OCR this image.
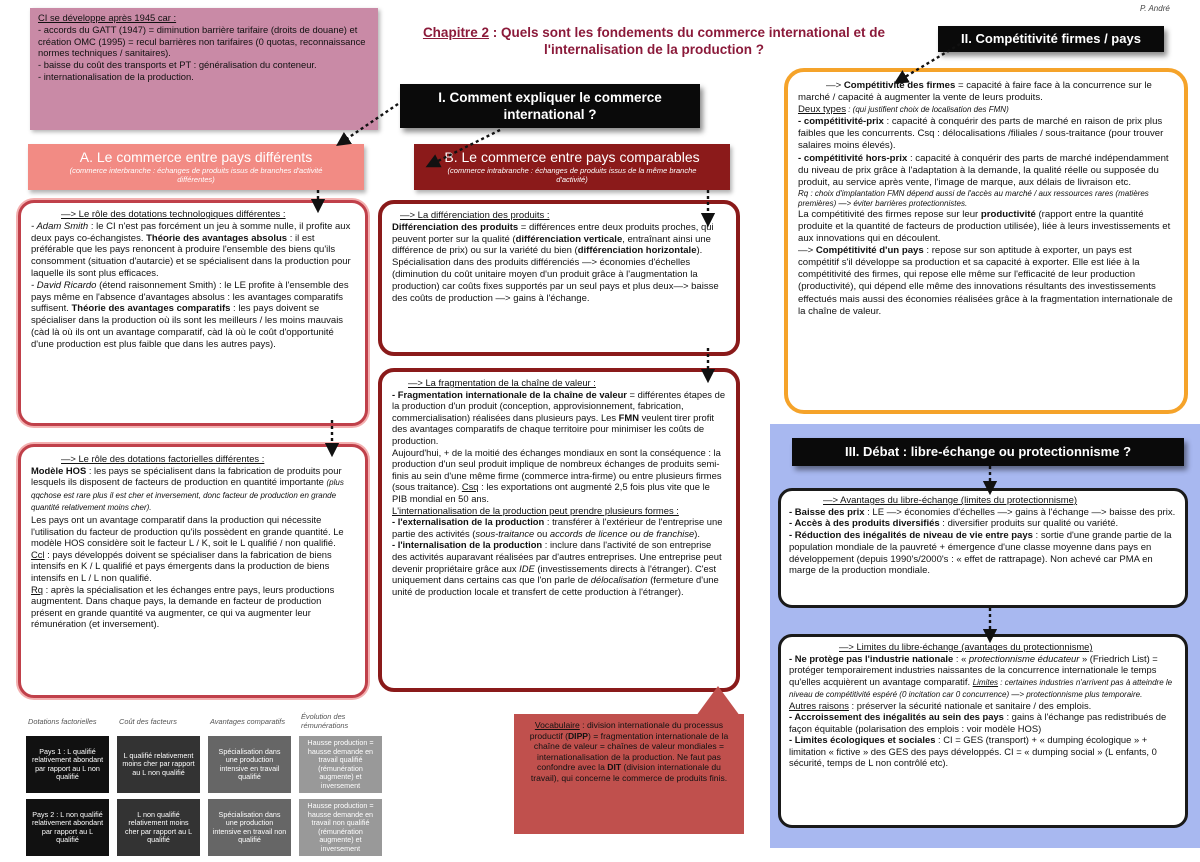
P. André

CI se développe après 1945 car :

- accords du GATT (1947) = diminution barrière tarifaire (droits de douane) et création OMC (1995) = recul barrières non tarifaires (0 quotas, reconnaissance normes techniques / sanitaires).

- baisse du coût des transports et PT : généralisation du conteneur.

- internationalisation de la production.

Chapitre 2 : Quels sont les fondements du commerce international et de
l'internalisation de la production ?
II. Compétitivité firmes / pays
I. Comment expliquer le commerce international ?
A. Le commerce entre pays différents
(commerce interbranche : échanges de produits issus de branches d'activité différentes)
B. Le commerce entre pays comparables
(commerce intrabranche : échanges de produits issus de la même branche d'activité)

—> Le rôle des dotations technologiques différentes :

- Adam Smith : le CI n'est pas forcément un jeu à somme nulle, il profite aux deux pays co-échangistes. Théorie des avantages absolus : il est préférable que les pays renoncent à produire l'ensemble des biens qu'ils consomment (situation d'autarcie) et se spécialisent dans la production pour laquelle ils sont plus efficaces.

- David Ricardo (étend raisonnement Smith) : le LE profite à l'ensemble des pays même en l'absence d'avantages absolus : les avantages comparatifs suffisent. Théorie des avantages comparatifs : les pays doivent se spécialiser dans la production où ils sont les meilleurs / les moins mauvais (càd là où ils ont un avantage comparatif, càd là où le coût d'opportunité d'une production est plus faible que dans les autres pays).

—> Le rôle des dotations factorielles différentes :

Modèle HOS : les pays se spécialisent dans la fabrication de produits pour lesquels ils disposent de facteurs de production en quantité importante (plus qqchose est rare plus il est cher et inversement, donc facteur de production en grande quantité relativement moins cher).

Les pays ont un avantage comparatif dans la production qui nécessite l'utilisation du facteur de production qu'ils possèdent en grande quantité. Le modèle HOS considère soit le facteur L / K, soit le L qualifié / non qualifié.

Ccl : pays développés doivent se spécialiser dans la fabrication de biens intensifs en K / L qualifié et pays émergents dans la production de biens intensifs en L / L non qualifié.

Rq : après la spécialisation et les échanges entre pays, leurs productions augmentent. Dans chaque pays, la demande en facteur de production présent en grande quantité va augmenter, ce qui va augmenter leur rémunération (et inversement).

Dotations factorielles	Coût des facteurs	Avantages comparatifs	Évolution des rémunérations
Pays 1 : L qualifié relativement abondant par rapport au L non qualifié	L qualifié relativement moins cher par rapport au L non qualifié	Spécialisation dans une production intensive en travail qualifié	Hausse production = hausse demande en travail qualifié (rémunération augmente) et inversement
Pays 2 : L non qualifié relativement abondant par rapport au L qualifié	L non qualifié relativement moins cher par rapport au L qualifié	Spécialisation dans une production intensive en travail non qualifié	Hausse production = hausse demande en travail non qualifié (rémunération augmente) et inversement

—> La différenciation des produits :

Différenciation des produits = différences entre deux produits proches, qui peuvent porter sur la qualité (différenciation verticale, entraînant ainsi une différence de prix) ou sur la variété du bien (différenciation horizontale).

Spécialisation dans des produits différenciés —> économies d'échelles (diminution du coût unitaire moyen d'un produit grâce à l'augmentation la production) car coûts fixes supportés par un seul pays et plus deux—> baisse des coûts de production —> gains à l'échange.

—> La fragmentation de la chaîne de valeur :

- Fragmentation internationale de la chaîne de valeur = différentes étapes de la production d'un produit (conception, approvisionnement, fabrication, commercialisation) réalisées dans plusieurs pays. Les FMN veulent tirer profit des avantages comparatifs de chaque territoire pour minimiser les coûts de production.

Aujourd'hui, + de la moitié des échanges mondiaux en sont la conséquence : la production d'un seul produit implique de nombreux échanges de produits semi-finis au sein d'une même firme (commerce intra-firme) ou entre plusieurs firmes (sous traitance). Csq : les exportations ont augmenté 2,5 fois plus vite que le PIB mondial en 50 ans.

L'internationalisation de la production peut prendre plusieurs formes :

- l'externalisation de la production : transférer à l'extérieur de l'entreprise une partie des activités (sous-traitance ou accords de licence ou de franchise).

- l'internalisation de la production : inclure dans l'activité de son entreprise des activités auparavant réalisées par d'autres entreprises. Une entreprise peut devenir propriétaire grâce aux IDE (investissements directs à l'étranger). C'est uniquement dans certains cas que l'on parle de délocalisation (fermeture d'une unité de production locale et transfert de cette production à l'étranger).

Vocabulaire : division internationale du processus productif (DIPP) = fragmentation internationale de la chaîne de valeur = chaînes de valeur mondiales = internationalisation de la production. Ne faut pas confondre avec la DIT (division internationale du travail), qui concerne le commerce de produits finis.

—> Compétitivité des firmes = capacité à faire face à la concurrence sur le marché / capacité à augmenter la vente de leurs produits.

Deux types : (qui justifient choix de localisation des FMN)

- compétitivité-prix : capacité à conquérir des parts de marché en raison de prix plus faibles que les concurrents. Csq : délocalisations /filiales / sous-traitance (pour trouver salaires moins élevés).

- compétitivité hors-prix : capacité à conquérir des parts de marché indépendamment du niveau de prix grâce à l'adaptation à la demande, la qualité réelle ou supposée du produit, au service après vente, l'image de marque, aux délais de livraison etc.

Rq : choix d'implantation FMN dépend aussi de l'accès au marché / aux ressources rares (matières premières) —> éviter barrières protectionnistes.

La compétitivité des firmes repose sur leur productivité (rapport entre la quantité produite et la quantité de facteurs de production utilisée), liée à leurs investissements et aux innovations qui en découlent.

—> Compétitivité d'un pays : repose sur son aptitude à exporter, un pays est compétitif s'il développe sa production et sa capacité à exporter. Elle est liée à la compétitivité des firmes, qui repose elle même sur l'efficacité de leur production (productivité), qui dépend elle même des innovations résultants des investissements effectués mais aussi des économies réalisées grâce à la fragmentation internationale de la chaîne de valeur.

III. Débat : libre-échange ou protectionnisme ?

—> Avantages du libre-échange (limites du protectionnisme)

- Baisse des prix : LE —> économies d'échelles —> gains à l'échange —> baisse des prix.

- Accès à des produits diversifiés : diversifier produits sur qualité ou variété.

- Réduction des inégalités de niveau de vie entre pays : sortie d'une grande partie de la population mondiale de la pauvreté + émergence d'une classe moyenne dans pays en développement (depuis 1990's/2000's : « effet de rattrapage). Non achevé car PMA en marge de la production mondiale.

—> Limites du libre-échange (avantages du protectionnisme)

- Ne protège pas l'industrie nationale : « protectionnisme éducateur » (Friedrich List) = protéger temporairement industries naissantes de la concurrence internationale le temps qu'elles acquièrent un avantage comparatif. Limites : certaines industries n'arrivent pas à atteindre le niveau de compétitivité espéré (0 incitation car 0 concurrence) —> protectionnisme plus temporaire.

Autres raisons : préserver la sécurité nationale et sanitaire / des emplois.

- Accroissement des inégalités au sein des pays : gains à l'échange pas redistribués de façon équitable (polarisation des emplois : voir modèle HOS)

- Limites écologiques et sociales : CI = GES (transport) + « dumping écologique » + limitation « fictive » des GES des pays développés. CI = « dumping social » (L enfants, 0 sécurité, temps de L non contrôlé etc).
